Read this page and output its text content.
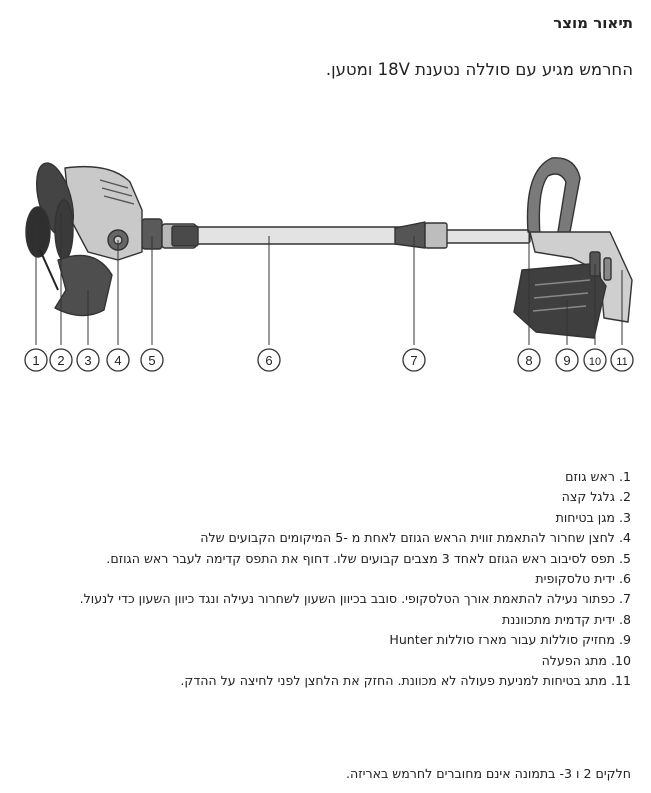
תיאור מוצר
החרמש מגיע עם סוללה נטענת 18V ומטען.
1 2 3 4 5	6	7	8 9 10 11
1. ראש גוזם
2. גלגל קצה
3. מגן בטיחות
4. לחצן שחרור להתאמת זווית הראש הגוזם לאחת מ -5 המיקומים הקבועים שלה
5. תפס לסיבוב ראש הגוזם לאחד 3 מצבים קבועים שלו. דחוף את התפס קדימה לעבר ראש הגוזם.
6. ידית טלסקופית
7. כפתור נעילה להתאמת אורך הטלסקופי. סובב בכיוון השעון לשחרור נעילה ונגד כיוון השעון כדי לנעול.
8. ידית קדמית מתכווננת
9. מחזיק סוללות עבור מארז סוללות Hunter
10. מתג הפעלה
11. מתג בטיחות למניעת פעולה לא מכוונת. החזק את הלחצן לפני לחיצה על ההדק.
חלקים 2 ו 3- בתמונה אינם מחוברים לחרמש באריזה.
